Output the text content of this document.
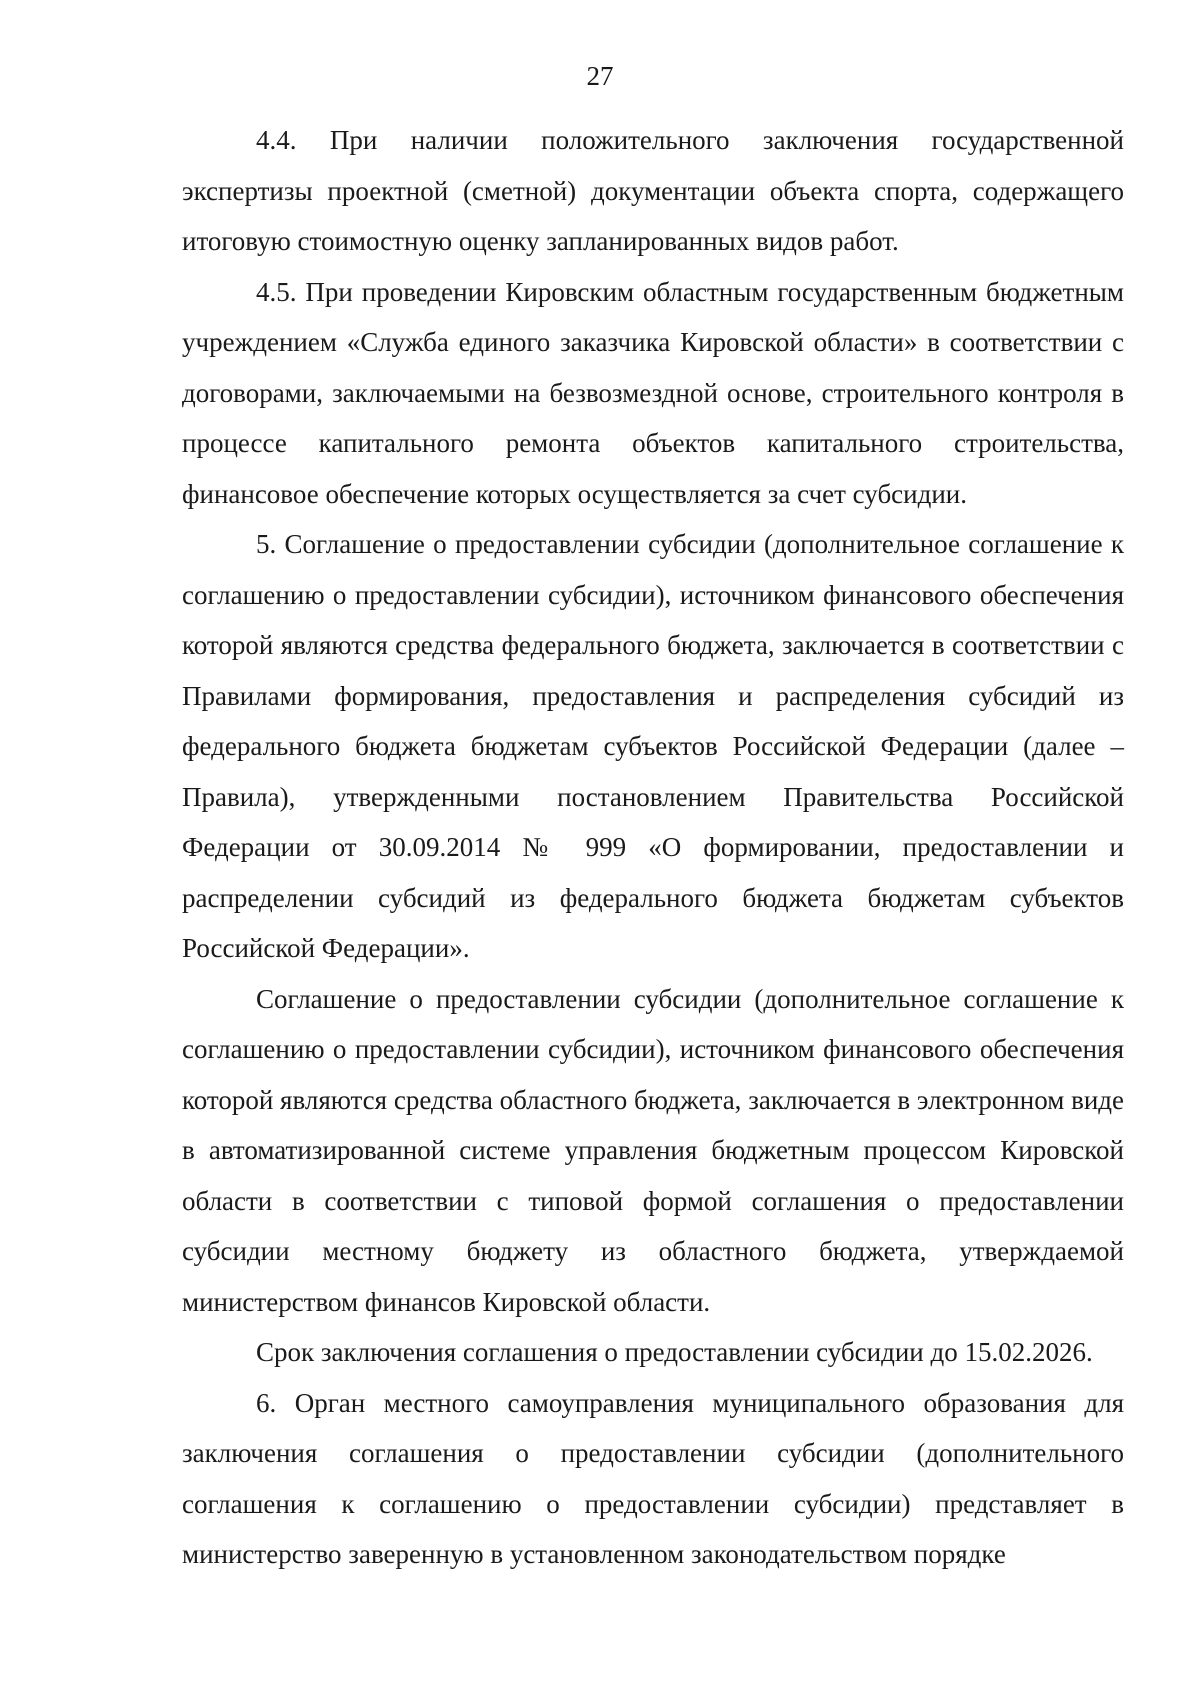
27

4.4. При наличии положительного заключения государственной экспертизы проектной (сметной) документации объекта спорта, содержащего итоговую стоимостную оценку запланированных видов работ.

4.5. При проведении Кировским областным государственным бюджетным учреждением «Служба единого заказчика Кировской области» в соответствии с договорами, заключаемыми на безвозмездной основе, строительного контроля в процессе капитального ремонта объектов капитального строительства, финансовое обеспечение которых осуществляется за счет субсидии.

5. Соглашение о предоставлении субсидии (дополнительное соглашение к соглашению о предоставлении субсидии), источником финансового обеспечения которой являются средства федерального бюджета, заключается в соответствии с Правилами формирования, предоставления и распределения субсидий из федерального бюджета бюджетам субъектов Российской Федерации (далее – Правила), утвержденными постановлением Правительства Российской Федерации от 30.09.2014 № 999 «О формировании, предоставлении и распределении субсидий из федерального бюджета бюджетам субъектов Российской Федерации».

Соглашение о предоставлении субсидии (дополнительное соглашение к соглашению о предоставлении субсидии), источником финансового обеспечения которой являются средства областного бюджета, заключается в электронном виде в автоматизированной системе управления бюджетным процессом Кировской области в соответствии с типовой формой соглашения о предоставлении субсидии местному бюджету из областного бюджета, утверждаемой министерством финансов Кировской области.

Срок заключения соглашения о предоставлении субсидии до 15.02.2026.

6. Орган местного самоуправления муниципального образования для заключения соглашения о предоставлении субсидии (дополнительного соглашения к соглашению о предоставлении субсидии) представляет в министерство заверенную в установленном законодательством порядке
